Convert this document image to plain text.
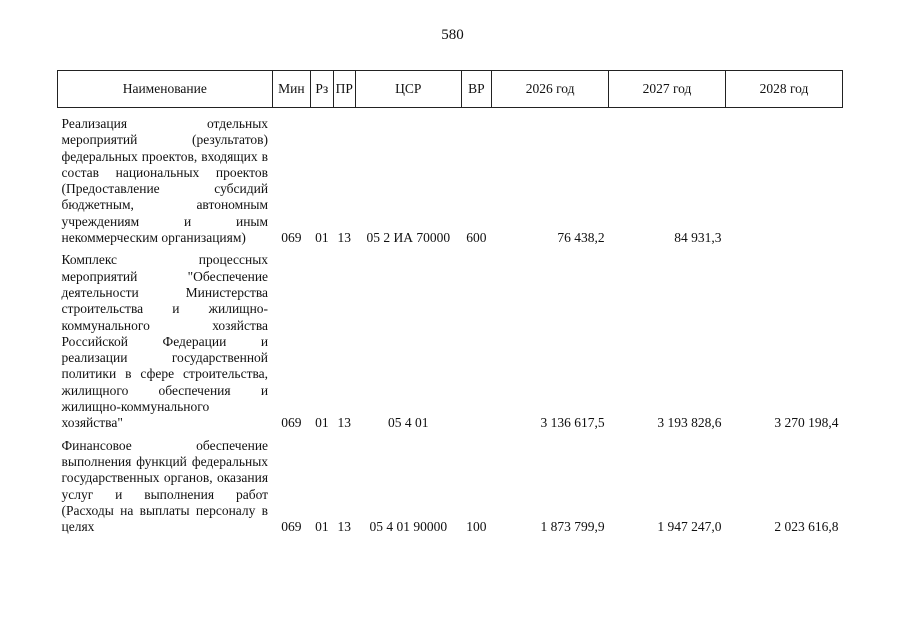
580
Наименование	Мин	Рз	ПР	ЦСР	ВР	2026 год	2027 год	2028 год
Реализация отдельных мероприятий (результатов) федеральных проектов, входящих в состав национальных проектов (Предоставление субсидий бюджетным, автономным учреждениям и иным некоммерческим организациям)	069	01	13	05 2 ИА 70000	600	76 438,2	84 931,3	
Комплекс процессных мероприятий "Обеспечение деятельности Министерства строительства и жилищно-коммунального хозяйства Российской Федерации и реализации государственной политики в сфере строительства, жилищного обеспечения и жилищно-коммунального хозяйства"	069	01	13	05 4 01		3 136 617,5	3 193 828,6	3 270 198,4
Финансовое обеспечение выполнения функций федеральных государственных органов, оказания услуг и выполнения работ (Расходы на выплаты персоналу в целях	069	01	13	05 4 01 90000	100	1 873 799,9	1 947 247,0	2 023 616,8
